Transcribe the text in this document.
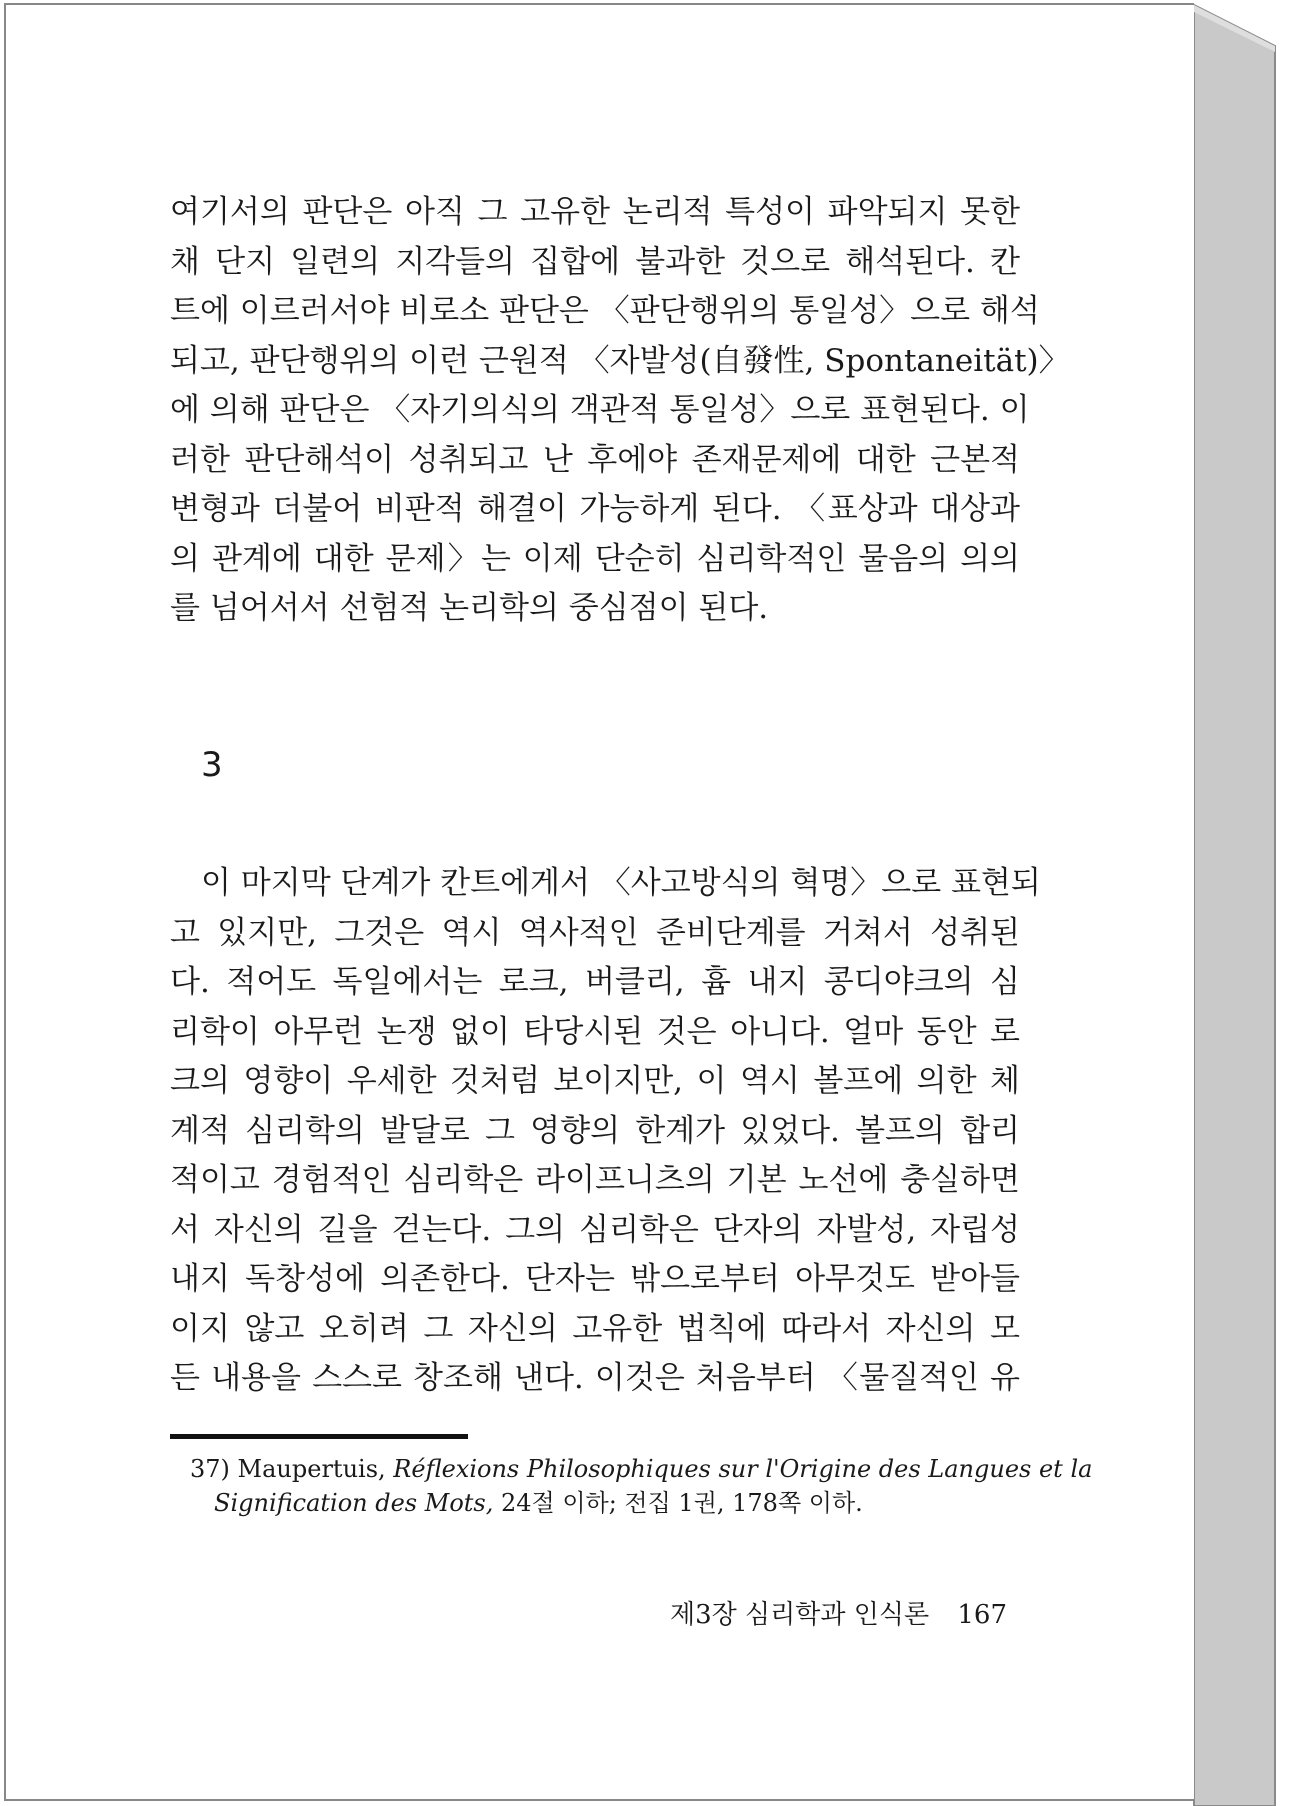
여기서의 판단은 아직 그 고유한 논리적 특성이 파악되지 못한
채 단지 일련의 지각들의 집합에 불과한 것으로 해석된다. 칸
트에 이르러서야 비로소 판단은 〈판단행위의 통일성〉으로 해석
되고, 판단행위의 이런 근원적 〈자발성(自發性, Spontaneität)〉
에 의해 판단은 〈자기의식의 객관적 통일성〉으로 표현된다. 이
러한 판단해석이 성취되고 난 후에야 존재문제에 대한 근본적
변형과 더불어 비판적 해결이 가능하게 된다. 〈표상과 대상과
의 관계에 대한 문제〉는 이제 단순히 심리학적인 물음의 의의
를 넘어서서 선험적 논리학의 중심점이 된다.
3
이 마지막 단계가 칸트에게서 〈사고방식의 혁명〉으로 표현되
고 있지만, 그것은 역시 역사적인 준비단계를 거쳐서 성취된
다. 적어도 독일에서는 로크, 버클리, 흄 내지 콩디야크의 심
리학이 아무런 논쟁 없이 타당시된 것은 아니다. 얼마 동안 로
크의 영향이 우세한 것처럼 보이지만, 이 역시 볼프에 의한 체
계적 심리학의 발달로 그 영향의 한계가 있었다. 볼프의 합리
적이고 경험적인 심리학은 라이프니츠의 기본 노선에 충실하면
서 자신의 길을 걷는다. 그의 심리학은 단자의 자발성, 자립성
내지 독창성에 의존한다. 단자는 밖으로부터 아무것도 받아들
이지 않고 오히려 그 자신의 고유한 법칙에 따라서 자신의 모
든 내용을 스스로 창조해 낸다. 이것은 처음부터 〈물질적인 유
37) Maupertuis, Réflexions Philosophiques sur l'Origine des Langues et la
Signification des Mots, 24절 이하; 전집 1권, 178쪽 이하.
제3장 심리학과 인식론 167
